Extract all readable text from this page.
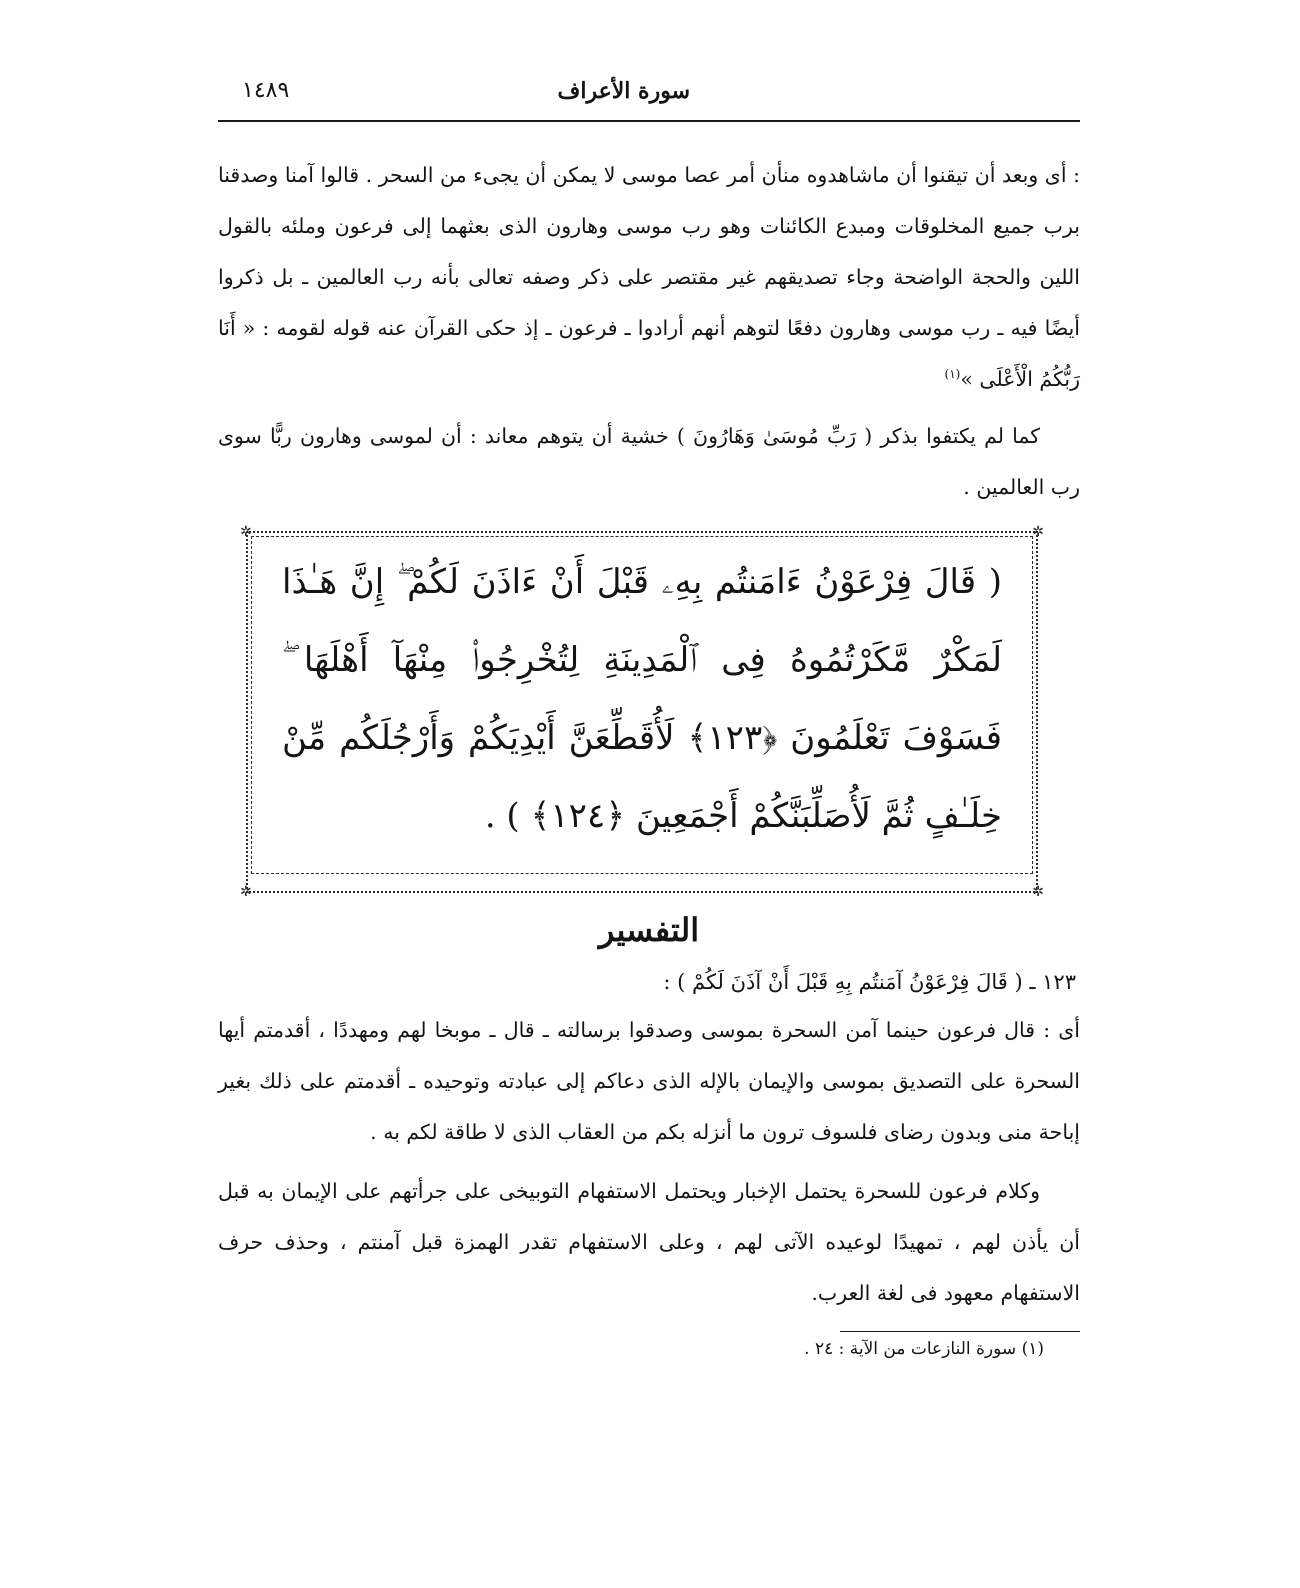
سورة الأعراف
١٤٨٩

: أى وبعد أن تيقنوا أن ماشاهدوه منأن أمر عصا موسى لا يمكن أن يجىء من السحر . قالوا آمنا وصدقنا برب جميع المخلوقات ومبدع الكائنات وهو رب موسى وهارون الذى بعثهما إلى فرعون وملئه بالقول اللين والحجة الواضحة وجاء تصديقهم غير مقتصر على ذكر وصفه تعالى بأنه رب العالمين ـ بل ذكروا أيضًا فيه ـ رب موسى وهارون دفعًا لتوهم أنهم أرادوا ـ فرعون ـ إذ حكى القرآن عنه قوله لقومه : « أَنَا رَبُّكُمُ الْأَعْلَى »$^{(١)}$

كما لم يكتفوا بذكر ( رَبِّ مُوسَىٰ وَهَارُونَ ) خشية أن يتوهم معاند : أن لموسى وهارون ربًّا سوى رب العالمين .

✲	✲
✲	✲
( قَالَ فِرْعَوْنُ ءَامَنتُم بِهِۦ قَبْلَ أَنْ ءَاذَنَ لَكُمْ ۖ إِنَّ هَـٰذَا لَمَكْرٌ مَّكَرْتُمُوهُ فِى ٱلْمَدِينَةِ لِتُخْرِجُوا۟ مِنْهَآ أَهْلَهَا ۖ فَسَوْفَ تَعْلَمُونَ ﴿١٢٣﴾ لَأُقَطِّعَنَّ أَيْدِيَكُمْ وَأَرْجُلَكُم مِّنْ خِلَـٰفٍ ثُمَّ لَأُصَلِّبَنَّكُمْ أَجْمَعِينَ ﴿١٢٤﴾ ) .
التفسير
١٢٣ ـ ( قَالَ فِرْعَوْنُ آمَنتُم بِهِ قَبْلَ أَنْ آذَنَ لَكُمْ ) :

أى : قال فرعون حينما آمن السحرة بموسى وصدقوا برسالته ـ قال ـ موبخا لهم ومهددًا ، أقدمتم أيها السحرة على التصديق بموسى والإيمان بالإله الذى دعاكم إلى عبادته وتوحيده ـ أقدمتم على ذلك بغير إباحة منى وبدون رضاى فلسوف ترون ما أنزله بكم من العقاب الذى لا طاقة لكم به .

وكلام فرعون للسحرة يحتمل الإخبار ويحتمل الاستفهام التوبيخى على جرأتهم على الإيمان به قبل أن يأذن لهم ، تمهيدًا لوعيده الآتى لهم ، وعلى الاستفهام تقدر الهمزة قبل آمنتم ، وحذف حرف الاستفهام معهود فى لغة العرب.

(١) سورة النازعات من الآية : ٢٤ .
